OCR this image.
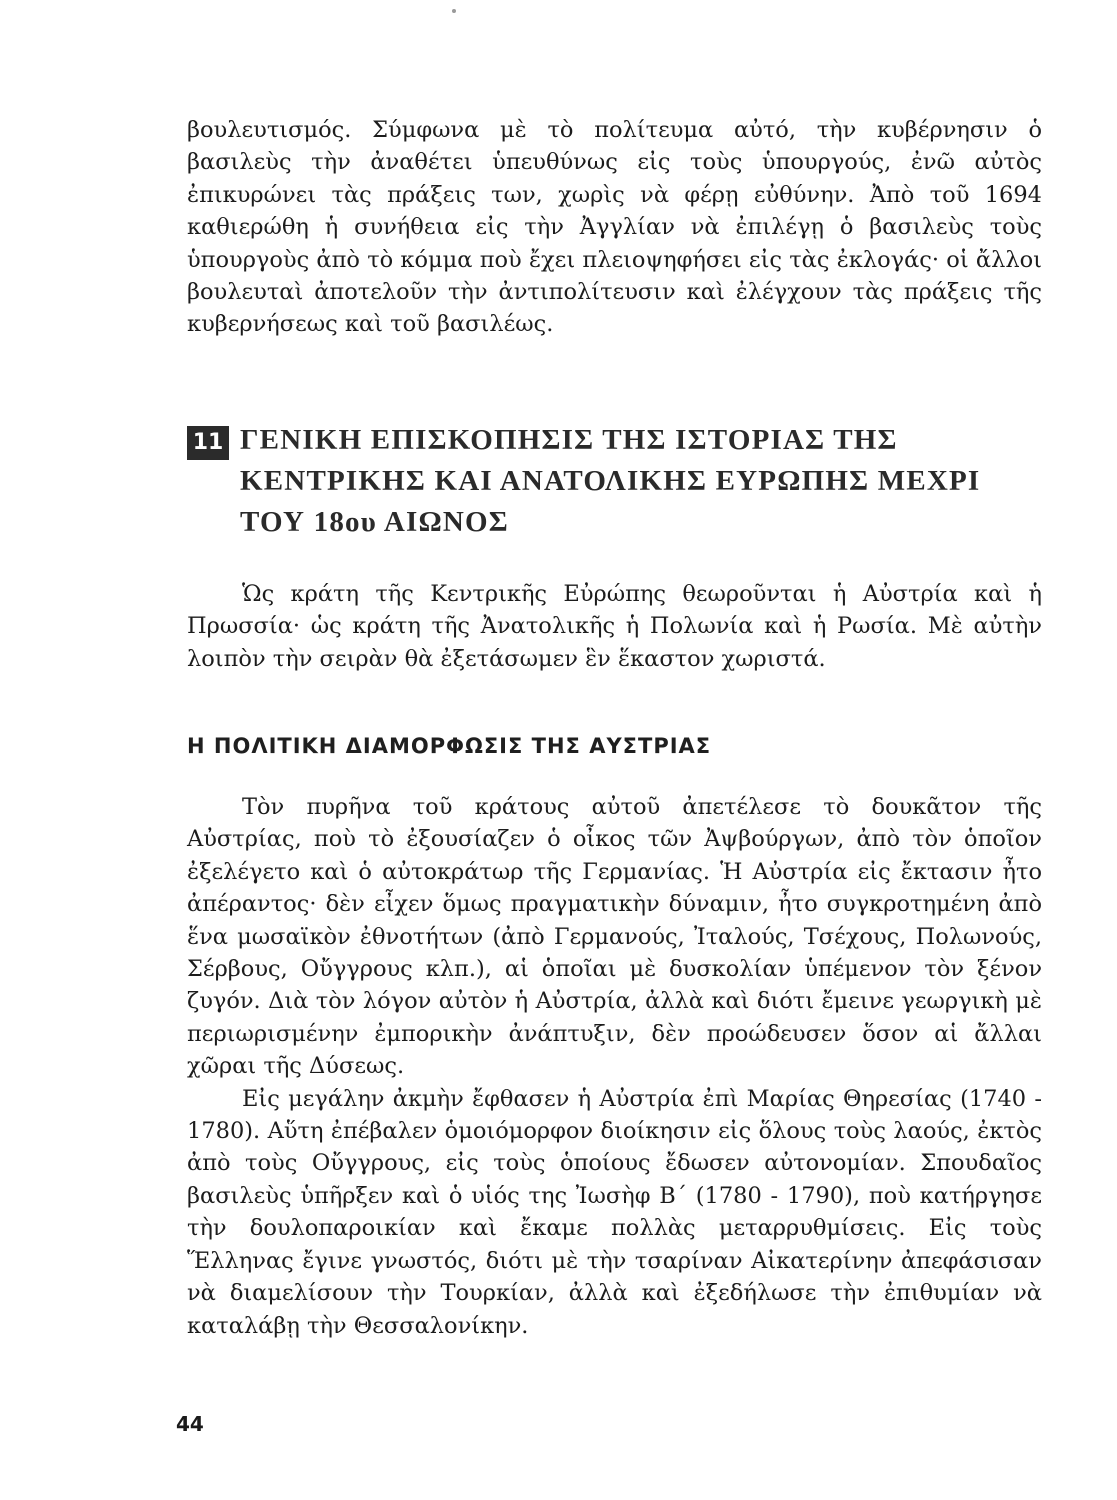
βουλευτισμός. Σύμφωνα μὲ τὸ πολίτευμα αὐτό, τὴν κυβέρνησιν ὁ βασιλεὺς τὴν ἀναθέτει ὑπευθύνως εἰς τοὺς ὑπουργούς, ἐνῶ αὐτὸς ἐπικυρώνει τὰς πράξεις των, χωρὶς νὰ φέρῃ εὐθύνην. Ἀπὸ τοῦ 1694 καθιερώθη ἡ συνήθεια εἰς τὴν Ἀγγλίαν νὰ ἐπιλέγῃ ὁ βασιλεὺς τοὺς ὑπουργοὺς ἀπὸ τὸ κόμμα ποὺ ἔχει πλειοψηφήσει εἰς τὰς ἐκλογάς· οἱ ἄλλοι βουλευταὶ ἀποτελοῦν τὴν ἀντιπολίτευσιν καὶ ἐλέγχουν τὰς πράξεις τῆς κυβερνήσεως καὶ τοῦ βασιλέως.

11 ΓΕΝΙΚΗ ΕΠΙΣΚΟΠΗΣΙΣ ΤΗΣ ΙΣΤΟΡΙΑΣ ΤΗΣ ΚΕΝΤΡΙΚΗΣ ΚΑΙ ΑΝΑΤΟΛΙΚΗΣ ΕΥΡΩΠΗΣ ΜΕΧΡΙ ΤΟΥ 18ου ΑΙΩΝΟΣ

Ὡς κράτη τῆς Κεντρικῆς Εὐρώπης θεωροῦνται ἡ Αὐστρία καὶ ἡ Πρωσσία· ὡς κράτη τῆς Ἀνατολικῆς ἡ Πολωνία καὶ ἡ Ρωσία. Μὲ αὐτὴν λοιπὸν τὴν σειρὰν θὰ ἐξετάσωμεν ἓν ἕκαστον χωριστά.

Η ΠΟΛΙΤΙΚΗ ΔΙΑΜΟΡΦΩΣΙΣ ΤΗΣ ΑΥΣΤΡΙΑΣ

Τὸν πυρῆνα τοῦ κράτους αὐτοῦ ἀπετέλεσε τὸ δουκᾶτον τῆς Αὐστρίας, ποὺ τὸ ἐξουσίαζεν ὁ οἶκος τῶν Ἀψβούργων, ἀπὸ τὸν ὁποῖον ἐξελέγετο καὶ ὁ αὐτοκράτωρ τῆς Γερμανίας. Ἡ Αὐστρία εἰς ἔκτασιν ἦτο ἀπέραντος· δὲν εἶχεν ὅμως πραγματικὴν δύναμιν, ἦτο συγκροτημένη ἀπὸ ἕνα μωσαϊκὸν ἐθνοτήτων (ἀπὸ Γερμανούς, Ἰταλούς, Τσέχους, Πολωνούς, Σέρβους, Οὔγγρους κλπ.), αἱ ὁποῖαι μὲ δυσκολίαν ὑπέμενον τὸν ξένον ζυγόν. Διὰ τὸν λόγον αὐτὸν ἡ Αὐστρία, ἀλλὰ καὶ διότι ἔμεινε γεωργικὴ μὲ περιωρισμένην ἐμπορικὴν ἀνάπτυξιν, δὲν προώδευσεν ὅσον αἱ ἄλλαι χῶραι τῆς Δύσεως.

Εἰς μεγάλην ἀκμὴν ἔφθασεν ἡ Αὐστρία ἐπὶ Μαρίας Θηρεσίας (1740 - 1780). Αὕτη ἐπέβαλεν ὁμοιόμορφον διοίκησιν εἰς ὅλους τοὺς λαούς, ἐκτὸς ἀπὸ τοὺς Οὔγγρους, εἰς τοὺς ὁποίους ἔδωσεν αὐτονομίαν. Σπουδαῖος βασιλεὺς ὑπῆρξεν καὶ ὁ υἱός της Ἰωσὴφ Β΄ (1780 - 1790), ποὺ κατήργησε τὴν δουλοπαροικίαν καὶ ἔκαμε πολλὰς μεταρρυθμίσεις. Εἰς τοὺς Ἕλληνας ἔγινε γνωστός, διότι μὲ τὴν τσαρίναν Αἰκατερίνην ἀπεφάσισαν νὰ διαμελίσουν τὴν Τουρκίαν, ἀλλὰ καὶ ἐξεδήλωσε τὴν ἐπιθυμίαν νὰ καταλάβῃ τὴν Θεσσαλονίκην.

44
